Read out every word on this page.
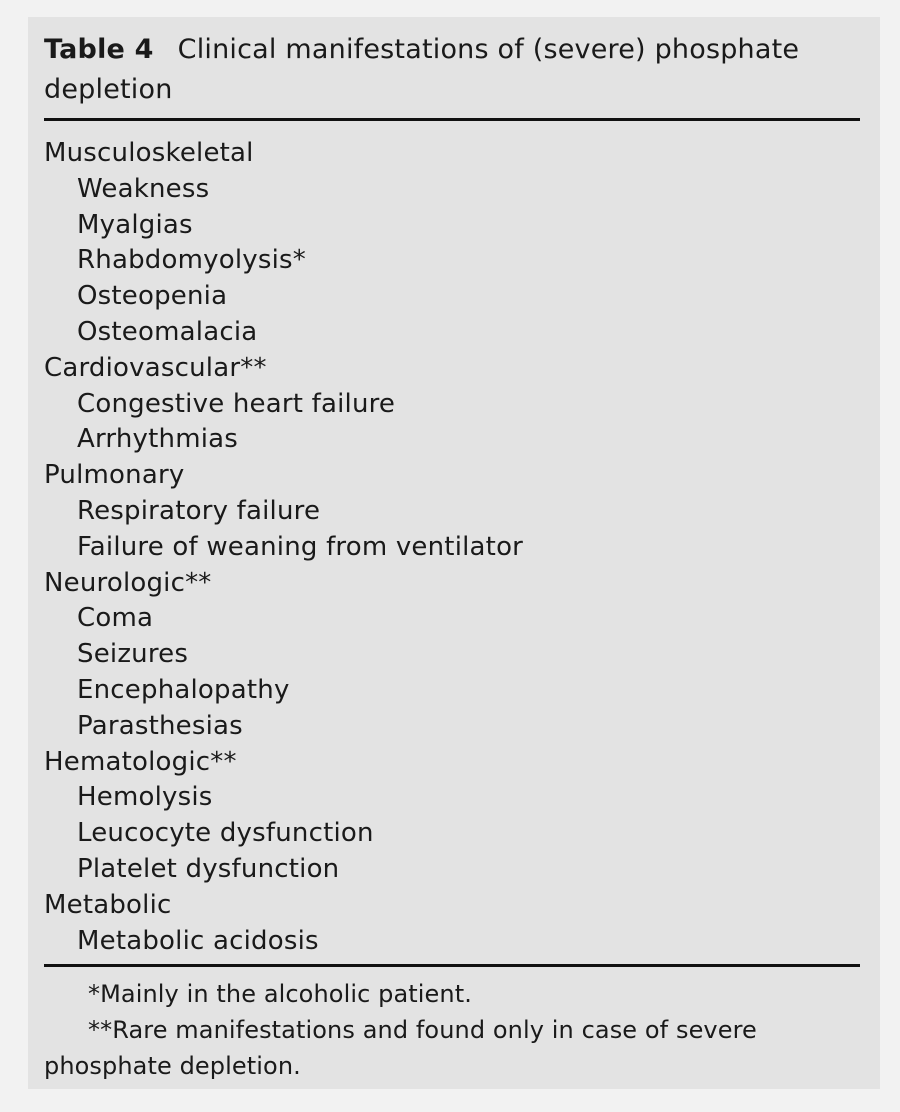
Table 4 Clinical manifestations of (severe) phosphate depletion
Musculoskeletal
Weakness
Myalgias
Rhabdomyolysis*
Osteopenia
Osteomalacia
Cardiovascular**
Congestive heart failure
Arrhythmias
Pulmonary
Respiratory failure
Failure of weaning from ventilator
Neurologic**
Coma
Seizures
Encephalopathy
Parasthesias
Hematologic**
Hemolysis
Leucocyte dysfunction
Platelet dysfunction
Metabolic
Metabolic acidosis

*Mainly in the alcoholic patient.

**Rare manifestations and found only in case of severe phosphate depletion.
